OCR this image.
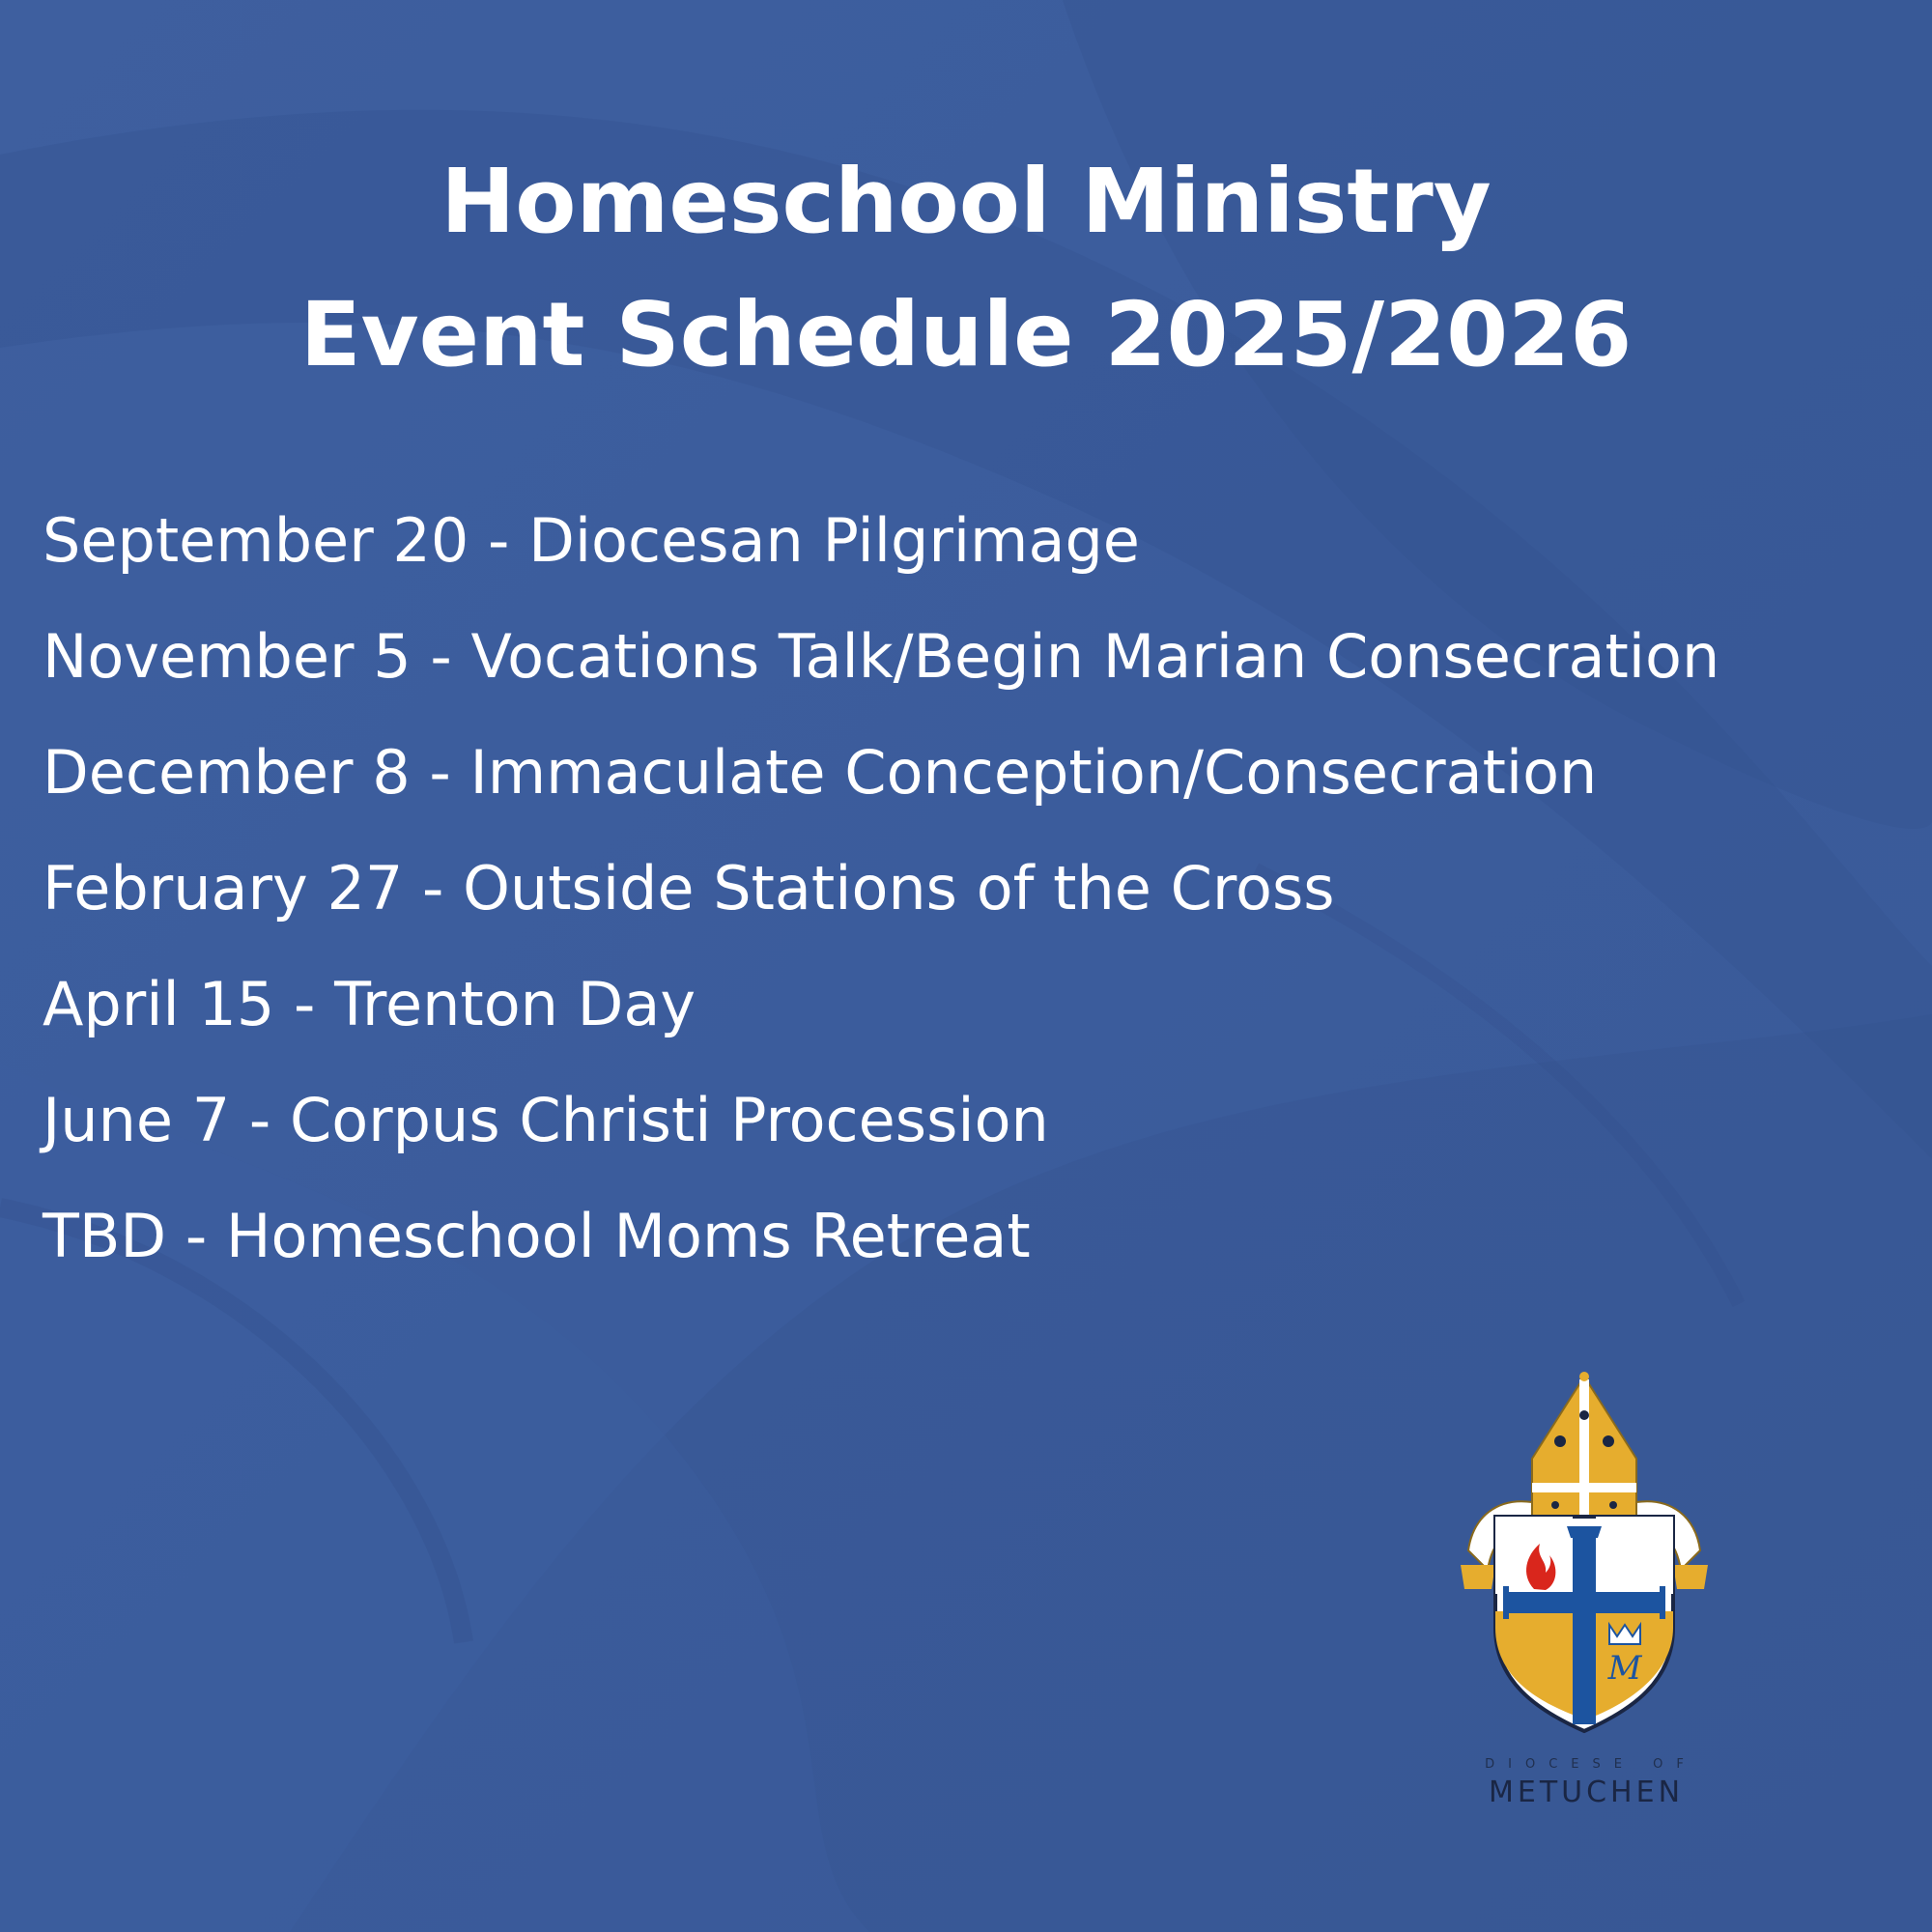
Homeschool Ministry
Event Schedule 2025/2026
September 20 - Diocesan Pilgrimage
November 5 - Vocations Talk/Begin Marian Consecration
December 8 - Immaculate Conception/Consecration
February 27 - Outside Stations of the Cross
April 15 - Trenton Day
June 7 - Corpus Christi Procession
TBD - Homeschool Moms Retreat
M
DIOCESE OF
METUCHEN
